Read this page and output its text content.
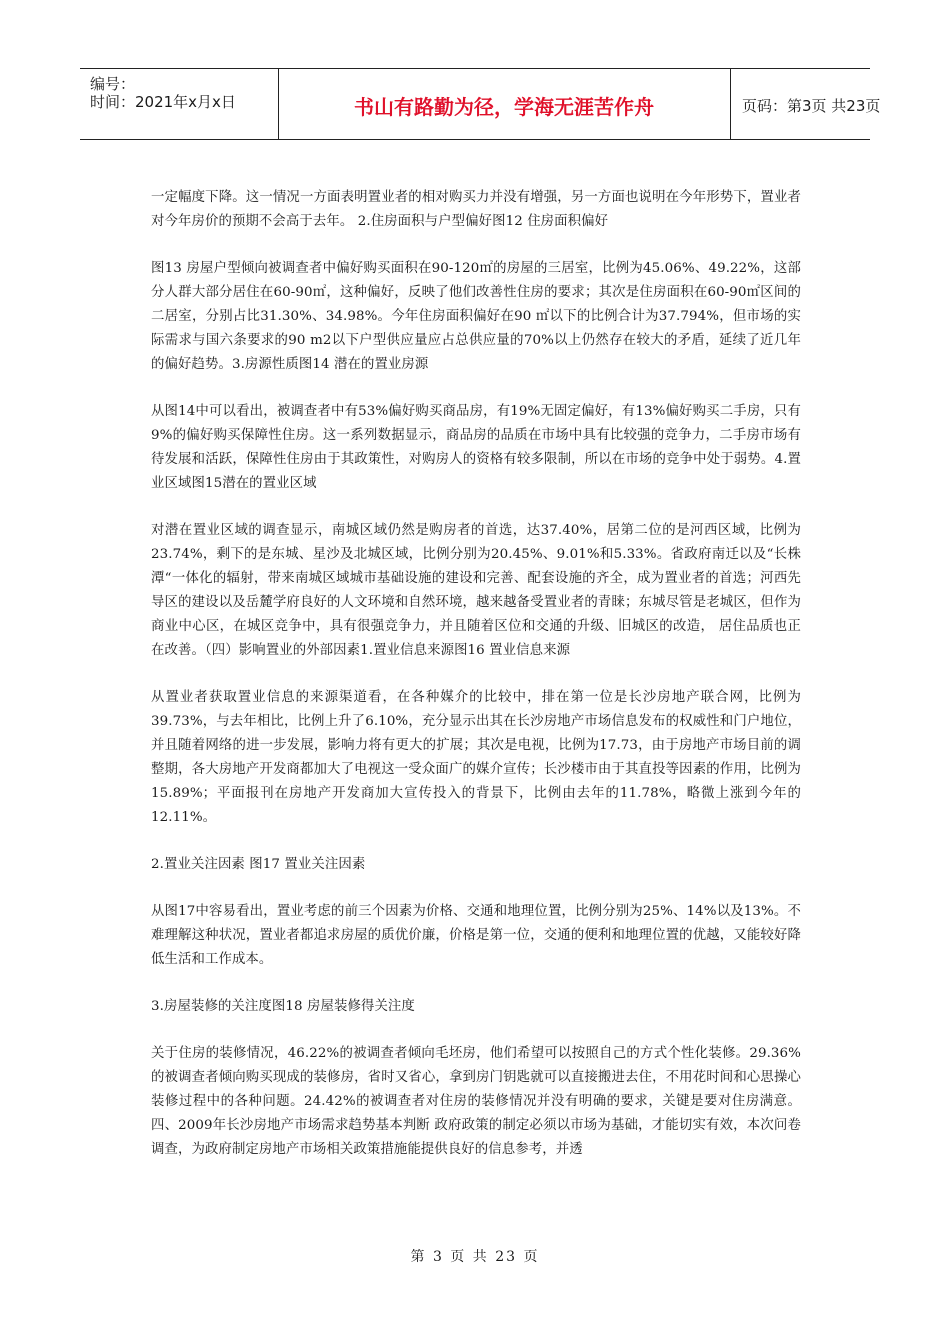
编号：
时间：2021年x月x日	书山有路勤为径，学海无涯苦作舟	页码：第3页 共23页

一定幅度下降。这一情况一方面表明置业者的相对购买力并没有增强，另一方面也说明在今年形势下，置业者对今年房价的预期不会高于去年。 2.住房面积与户型偏好图12 住房面积偏好

图13 房屋户型倾向被调查者中偏好购买面积在90-120㎡的房屋的三居室，比例为45.06%、49.22%，这部分人群大部分居住在60-90㎡，这种偏好，反映了他们改善性住房的要求；其次是住房面积在60-90㎡区间的二居室，分别占比31.30%、34.98%。今年住房面积偏好在90 ㎡以下的比例合计为37.794%，但市场的实际需求与国六条要求的90 m2以下户型供应量应占总供应量的70%以上仍然存在较大的矛盾，延续了近几年的偏好趋势。3.房源性质图14 潜在的置业房源

从图14中可以看出，被调查者中有53%偏好购买商品房，有19%无固定偏好，有13%偏好购买二手房，只有9%的偏好购买保障性住房。这一系列数据显示，商品房的品质在市场中具有比较强的竞争力，二手房市场有待发展和活跃，保障性住房由于其政策性，对购房人的资格有较多限制，所以在市场的竞争中处于弱势。4.置业区域图15潜在的置业区域

对潜在置业区域的调查显示，南城区域仍然是购房者的首选，达37.40%，居第二位的是河西区域，比例为23.74%，剩下的是东城、星沙及北城区域，比例分别为20.45%、9.01%和5.33%。省政府南迁以及“长株潭“一体化的辐射，带来南城区域城市基础设施的建设和完善、配套设施的齐全，成为置业者的首选；河西先导区的建设以及岳麓学府良好的人文环境和自然环境，越来越备受置业者的青睐；东城尽管是老城区，但作为商业中心区，在城区竞争中，具有很强竞争力，并且随着区位和交通的升级、旧城区的改造， 居住品质也正在改善。（四）影响置业的外部因素1.置业信息来源图16 置业信息来源

从置业者获取置业信息的来源渠道看，在各种媒介的比较中，排在第一位是长沙房地产联合网，比例为39.73%，与去年相比，比例上升了6.10%，充分显示出其在长沙房地产市场信息发布的权威性和门户地位，并且随着网络的进一步发展，影响力将有更大的扩展；其次是电视，比例为17.73，由于房地产市场目前的调整期，各大房地产开发商都加大了电视这一受众面广的媒介宣传；长沙楼市由于其直投等因素的作用，比例为15.89%；平面报刊在房地产开发商加大宣传投入的背景下，比例由去年的11.78%，略微上涨到今年的12.11%。

2.置业关注因素 图17 置业关注因素

从图17中容易看出，置业考虑的前三个因素为价格、交通和地理位置，比例分别为25%、14%以及13%。不难理解这种状况，置业者都追求房屋的质优价廉，价格是第一位，交通的便利和地理位置的优越，又能较好降低生活和工作成本。

3.房屋装修的关注度图18 房屋装修得关注度

关于住房的装修情况，46.22%的被调查者倾向毛坯房，他们希望可以按照自己的方式个性化装修。29.36%的被调查者倾向购买现成的装修房，省时又省心，拿到房门钥匙就可以直接搬进去住，不用花时间和心思操心装修过程中的各种问题。24.42%的被调查者对住房的装修情况并没有明确的要求，关键是要对住房满意。 四、2009年长沙房地产市场需求趋势基本判断 政府政策的制定必须以市场为基础，才能切实有效，本次问卷调查，为政府制定房地产市场相关政策措施能提供良好的信息参考，并透

第 3 页 共 23 页
